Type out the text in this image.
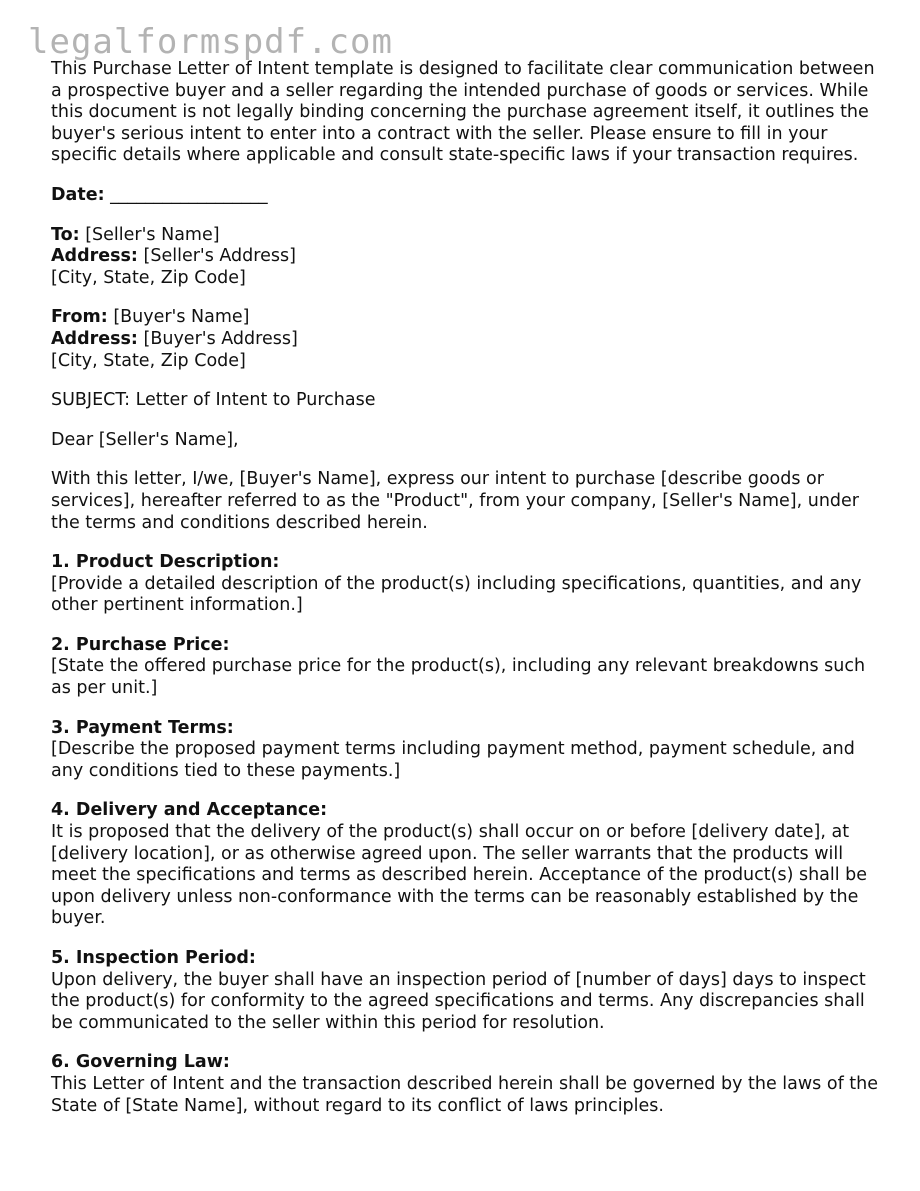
legalformspdf.com

This Purchase Letter of Intent template is designed to facilitate clear communication between a prospective buyer and a seller regarding the intended purchase of goods or services. While this document is not legally binding concerning the purchase agreement itself, it outlines the buyer's serious intent to enter into a contract with the seller. Please ensure to fill in your specific details where applicable and consult state-specific laws if your transaction requires.

Date: __________________

To: [Seller's Name]
Address: [Seller's Address]
[City, State, Zip Code]

From: [Buyer's Name]
Address: [Buyer's Address]
[City, State, Zip Code]

SUBJECT: Letter of Intent to Purchase

Dear [Seller's Name],

With this letter, I/we, [Buyer's Name], express our intent to purchase [describe goods or services], hereafter referred to as the "Product", from your company, [Seller's Name], under the terms and conditions described herein.

1. Product Description:
[Provide a detailed description of the product(s) including specifications, quantities, and any other pertinent information.]
2. Purchase Price:
[State the offered purchase price for the product(s), including any relevant breakdowns such as per unit.]
3. Payment Terms:
[Describe the proposed payment terms including payment method, payment schedule, and any conditions tied to these payments.]
4. Delivery and Acceptance:
It is proposed that the delivery of the product(s) shall occur on or before [delivery date], at [delivery location], or as otherwise agreed upon. The seller warrants that the products will meet the specifications and terms as described herein. Acceptance of the product(s) shall be upon delivery unless non-conformance with the terms can be reasonably established by the buyer.
5. Inspection Period:
Upon delivery, the buyer shall have an inspection period of [number of days] days to inspect the product(s) for conformity to the agreed specifications and terms. Any discrepancies shall be communicated to the seller within this period for resolution.
6. Governing Law:
This Letter of Intent and the transaction described herein shall be governed by the laws of the State of [State Name], without regard to its conflict of laws principles.
